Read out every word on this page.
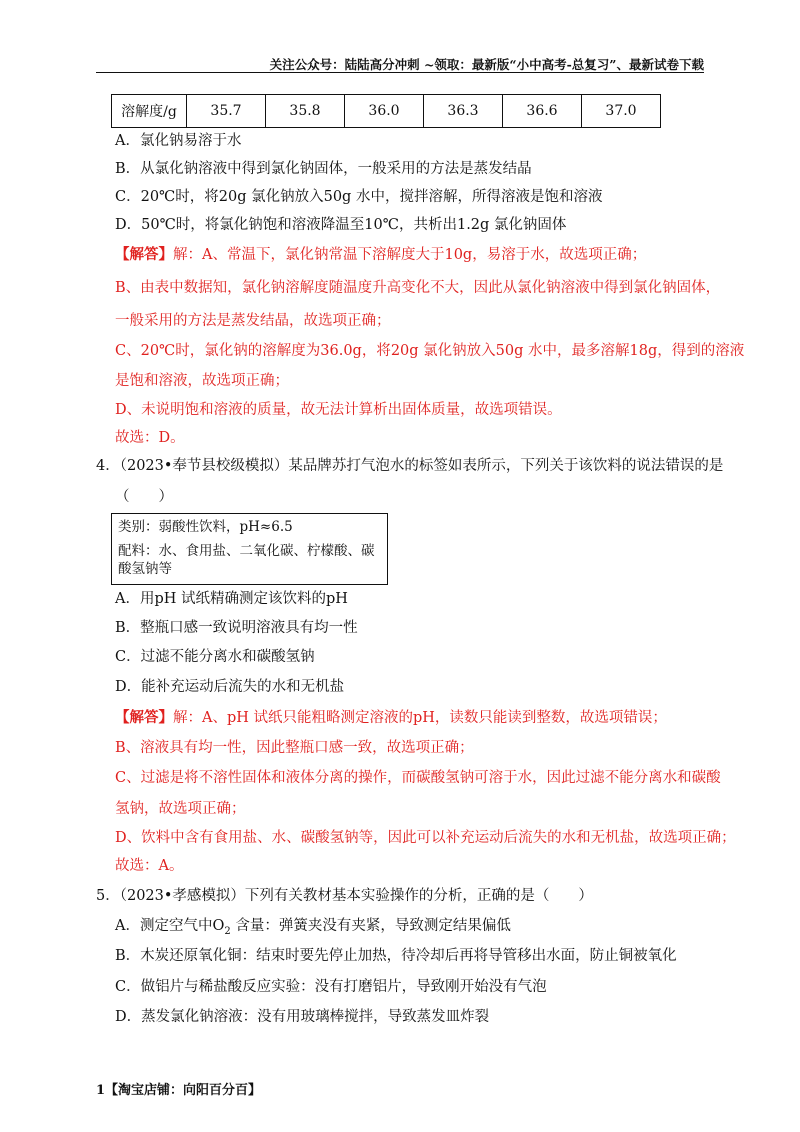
关注公众号：陆陆高分冲刺 ~领取：最新版“小中高考-总复习”、最新试卷下载
溶解度/g	35.7	35.8	36.0	36.3	36.6	37.0
A．氯化钠易溶于水
B．从氯化钠溶液中得到氯化钠固体，一般采用的方法是蒸发结晶
C．20℃时，将20g 氯化钠放入50g 水中，搅拌溶解，所得溶液是饱和溶液
D．50℃时，将氯化钠饱和溶液降温至10℃，共析出1.2g 氯化钠固体
【解答】解：A、常温下，氯化钠常温下溶解度大于10g，易溶于水，故选项正确；
B、由表中数据知，氯化钠溶解度随温度升高变化不大，因此从氯化钠溶液中得到氯化钠固体，
一般采用的方法是蒸发结晶，故选项正确；
C、20℃时，氯化钠的溶解度为36.0g，将20g 氯化钠放入50g 水中，最多溶解18g，得到的溶液
是饱和溶液，故选项正确；
D、未说明饱和溶液的质量，故无法计算析出固体质量，故选项错误。
故选：D。
4．（2023•奉节县校级模拟）某品牌苏打气泡水的标签如表所示，下列关于该饮料的说法错误的是
（　　）
类别：弱酸性饮料，pH≈6.5
配料：水、食用盐、二氧化碳、柠檬酸、碳酸氢钠等
A．用pH 试纸精确测定该饮料的pH
B．整瓶口感一致说明溶液具有均一性
C．过滤不能分离水和碳酸氢钠
D．能补充运动后流失的水和无机盐
【解答】解：A、pH 试纸只能粗略测定溶液的pH，读数只能读到整数，故选项错误；
B、溶液具有均一性，因此整瓶口感一致，故选项正确；
C、过滤是将不溶性固体和液体分离的操作，而碳酸氢钠可溶于水，因此过滤不能分离水和碳酸
氢钠，故选项正确；
D、饮料中含有食用盐、水、碳酸氢钠等，因此可以补充运动后流失的水和无机盐，故选项正确；
故选：A。
5．（2023•孝感模拟）下列有关教材基本实验操作的分析，正确的是（　　）
A．测定空气中$O_2$ 含量：弹簧夹没有夹紧，导致测定结果偏低
B．木炭还原氧化铜：结束时要先停止加热，待冷却后再将导管移出水面，防止铜被氧化
C．做铝片与稀盐酸反应实验：没有打磨铝片，导致刚开始没有气泡
D．蒸发氯化钠溶液：没有用玻璃棒搅拌，导致蒸发皿炸裂
1【淘宝店铺：向阳百分百】
